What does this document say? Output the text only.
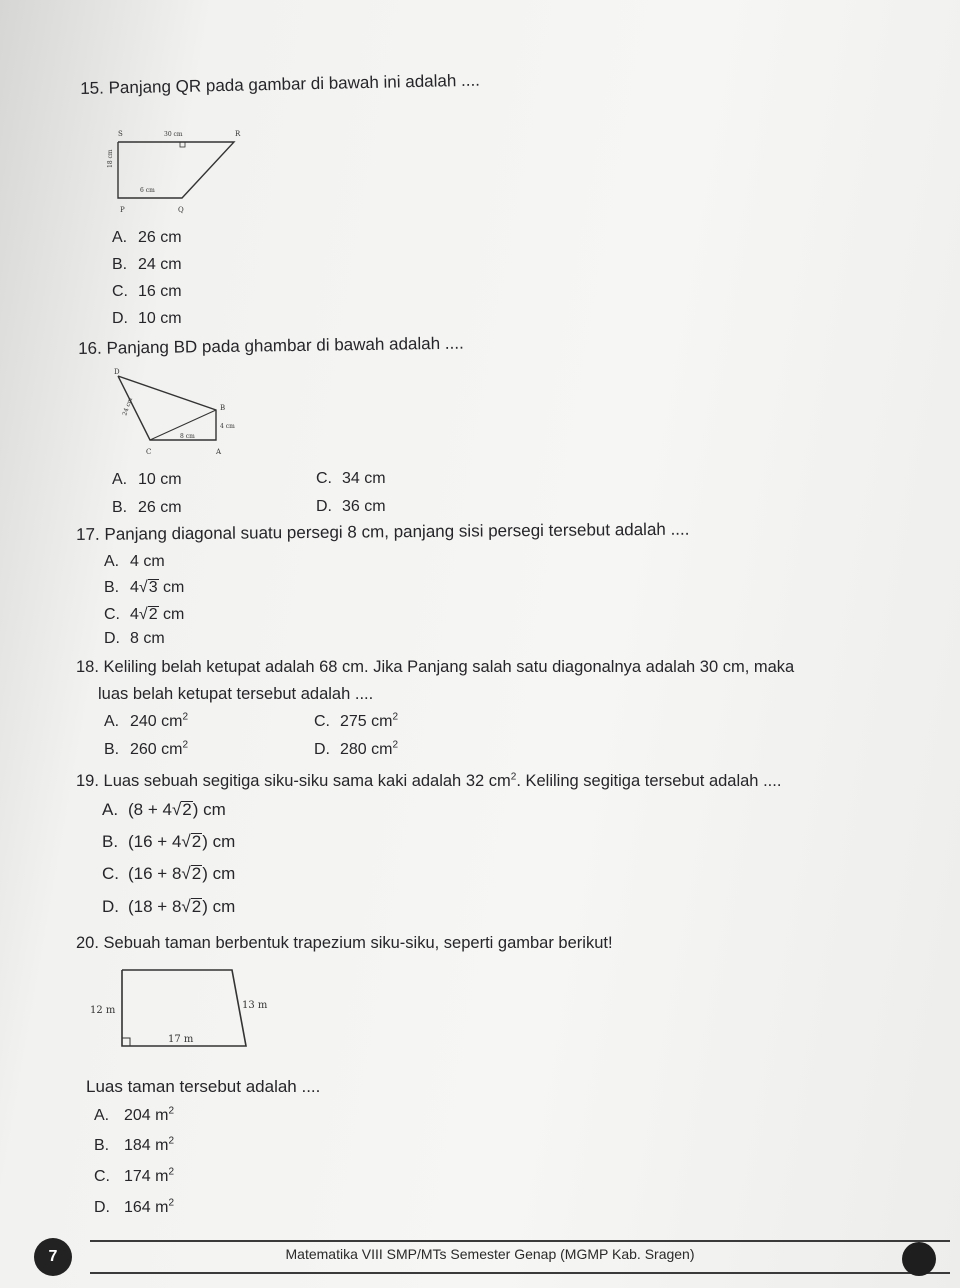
15. Panjang QR pada gambar di bawah ini adalah ....
S	R
P	Q
30 cm
6 cm
18 cm
A. 26 cm
B. 24 cm
C. 16 cm
D. 10 cm
16. Panjang BD pada ghambar di bawah adalah ....
D
B
C	A
4 cm
8 cm
24 cm
A. 10 cm
B. 26 cm
C. 34 cm
D. 36 cm
17. Panjang diagonal suatu persegi 8 cm, panjang sisi persegi tersebut adalah ....
A. 4 cm
B. 4√3 cm
C. 4√2 cm
D. 8 cm
18. Keliling belah ketupat adalah 68 cm. Jika Panjang salah satu diagonalnya adalah 30 cm, maka
luas belah ketupat tersebut adalah ....
A. 240 $cm^2$
B. 260 $cm^2$
C. 275 $cm^2$
D. 280 $cm^2$
19. Luas sebuah segitiga siku-siku sama kaki adalah 32 $cm^2$. Keliling segitiga tersebut adalah ....
A. (8 + 4√2) cm
B. (16 + 4√2) cm
C. (16 + 8√2) cm
D. (18 + 8√2) cm
20. Sebuah taman berbentuk trapezium siku-siku, seperti gambar berikut!
12 m	13 m
17 m
Luas taman tersebut adalah ....
A. 204 $m^2$
B. 184 $m^2$
C. 174 $m^2$
D. 164 $m^2$
7	Matematika VIII SMP/MTs Semester Genap (MGMP Kab. Sragen)
